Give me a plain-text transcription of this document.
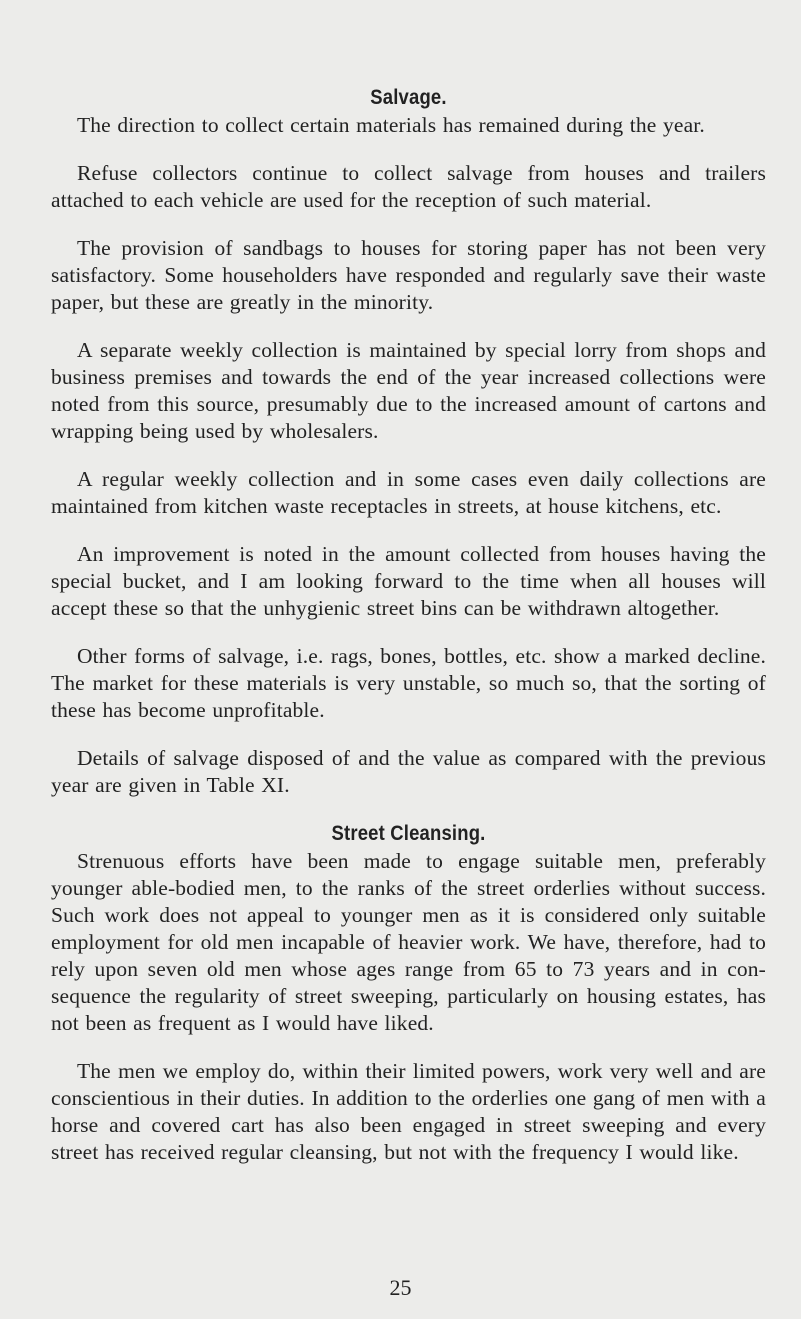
Salvage.

The direction to collect certain materials has remained during the year.

Refuse collectors continue to collect salvage from houses and trailers attached to each vehicle are used for the reception of such material.

The provision of sandbags to houses for storing paper has not been very satisfactory. Some householders have responded and regularly save their waste paper, but these are greatly in the minority.

A separate weekly collection is maintained by special lorry from shops and business premises and towards the end of the year increased collections were noted from this source, presumably due to the increased amount of cartons and wrapping being used by wholesalers.

A regular weekly collection and in some cases even daily collections are maintained from kitchen waste receptacles in streets, at house kitchens, etc.

An improvement is noted in the amount collected from houses having the special bucket, and I am looking forward to the time when all houses will accept these so that the unhygienic street bins can be withdrawn altogether.

Other forms of salvage, i.e. rags, bones, bottles, etc. show a marked decline. The market for these materials is very unstable, so much so, that the sorting of these has become unprofitable.

Details of salvage disposed of and the value as compared with the previous year are given in Table XI.

Street Cleansing.

Strenuous efforts have been made to engage suitable men, preferably younger able-bodied men, to the ranks of the street orderlies without success. Such work does not appeal to younger men as it is considered only suitable employment for old men incapable of heavier work. We have, therefore, had to rely upon seven old men whose ages range from 65 to 73 years and in con- sequence the regularity of street sweeping, particularly on housing estates, has not been as frequent as I would have liked.

The men we employ do, within their limited powers, work very well and are conscientious in their duties. In addition to the orderlies one gang of men with a horse and covered cart has also been engaged in street sweeping and every street has received regular cleansing, but not with the frequency I would like.

25
